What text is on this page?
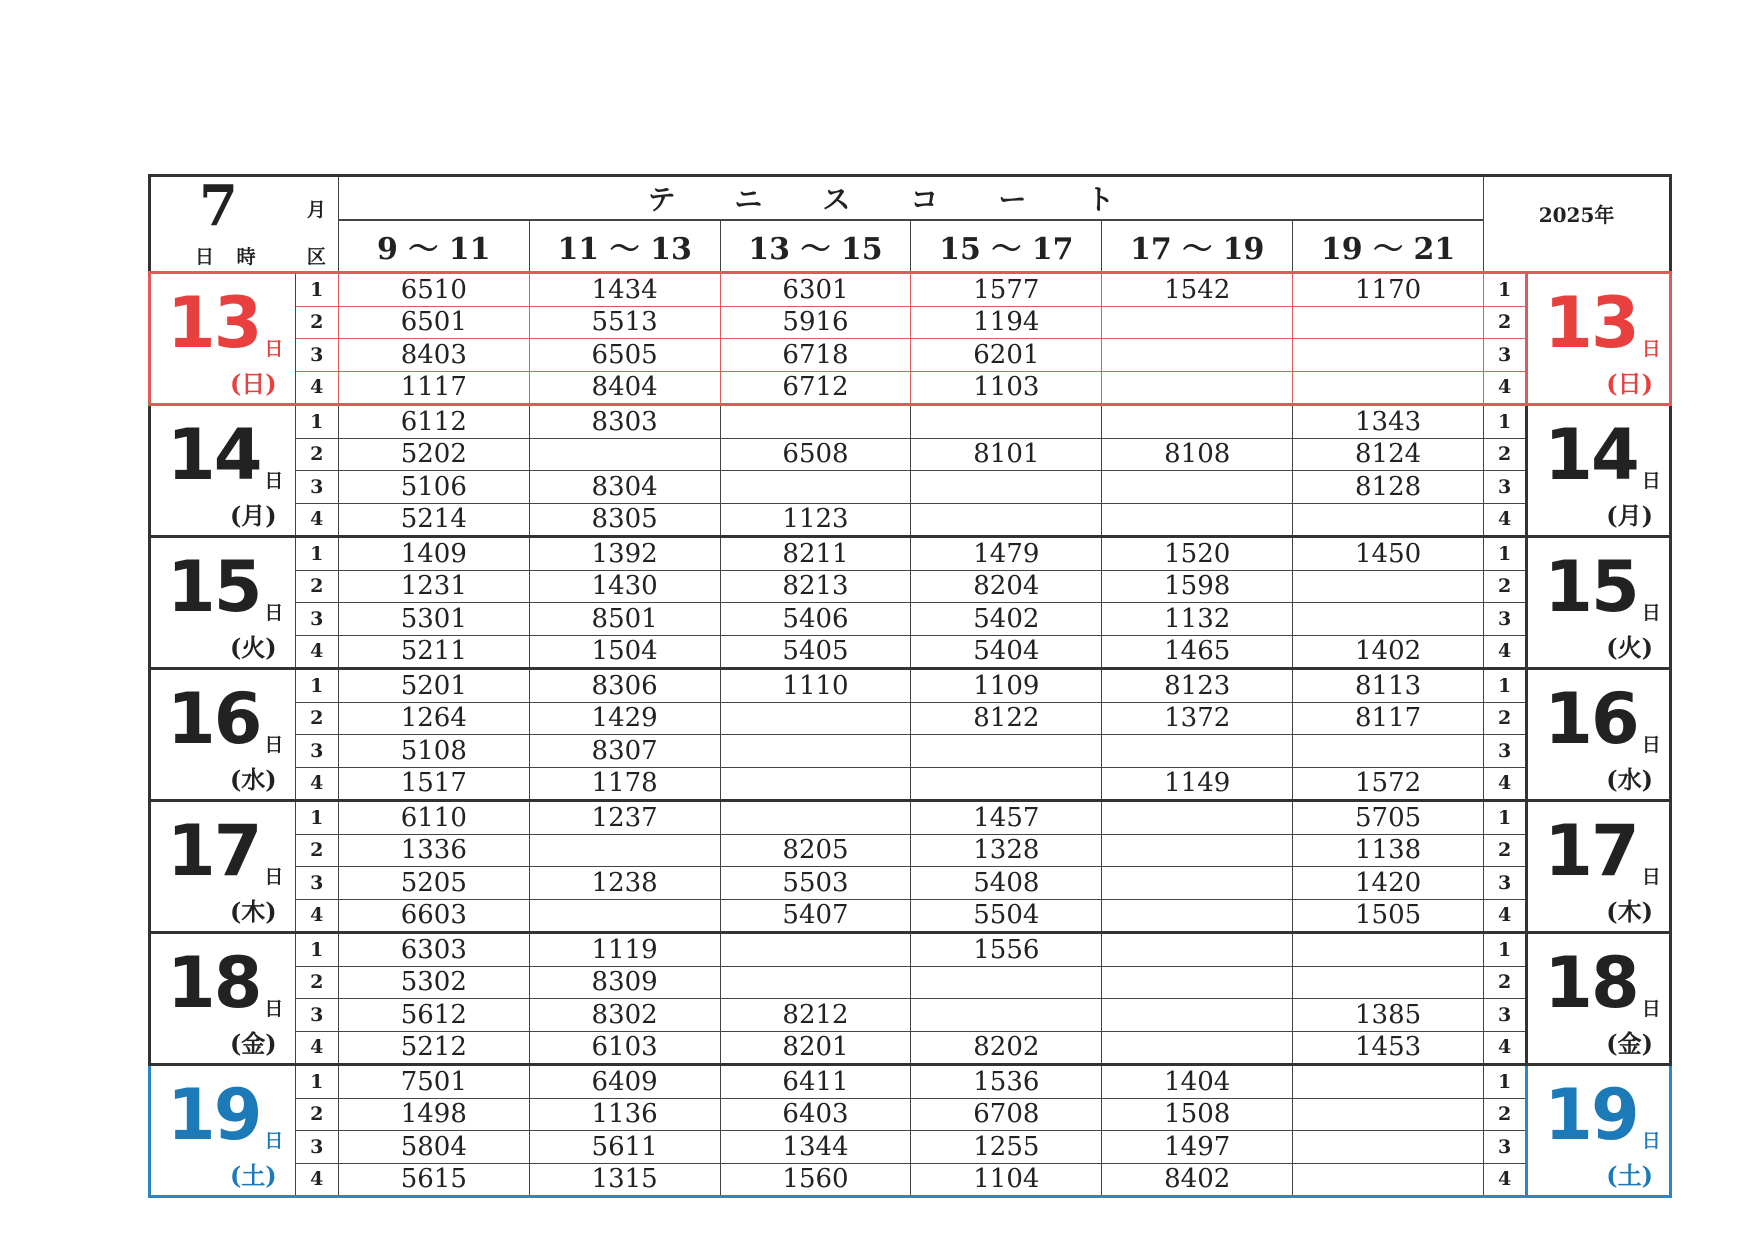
7 月
日 時 区		テニスコート						2025年	
		9 ～ 11	11 ～ 13	13 ～ 15	15 ～ 17	17 ～ 19	19 ～ 21		

13 日
(日)	1	6510	1434	6301	1577	1542	1170	1	13 日
(日)

	2	6501	5513	5916	1194			2	
	3	8403	6505	6718	6201			3	
	4	1117	8404	6712	1103			4	

14 日
(月)	1	6112	8303				1343	1	14 日
(月)

	2	5202		6508	8101	8108	8124	2	
	3	5106	8304				8128	3	
	4	5214	8305	1123				4	

15 日
(火)	1	1409	1392	8211	1479	1520	1450	1	15 日
(火)

	2	1231	1430	8213	8204	1598		2	
	3	5301	8501	5406	5402	1132		3	
	4	5211	1504	5405	5404	1465	1402	4	

16 日
(水)	1	5201	8306	1110	1109	8123	8113	1	16 日
(水)

	2	1264	1429		8122	1372	8117	2	
	3	5108	8307					3	
	4	1517	1178			1149	1572	4	

17 日
(木)	1	6110	1237		1457		5705	1	17 日
(木)

	2	1336		8205	1328		1138	2	
	3	5205	1238	5503	5408		1420	3	
	4	6603		5407	5504		1505	4	

18 日
(金)	1	6303	1119		1556			1	18 日
(金)

	2	5302	8309					2	
	3	5612	8302	8212			1385	3	
	4	5212	6103	8201	8202		1453	4	

19 日
(土)	1	7501	6409	6411	1536	1404		1	19 日
(土)

	2	1498	1136	6403	6708	1508		2	
	3	5804	5611	1344	1255	1497		3	
	4	5615	1315	1560	1104	8402		4	
